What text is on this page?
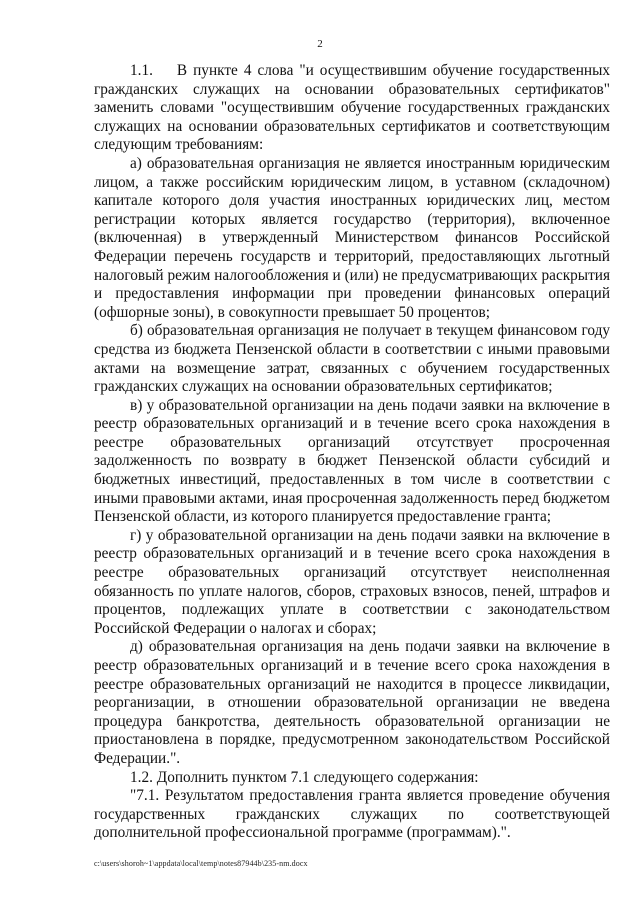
2

1.1.    В пункте 4 слова "и осуществившим обучение государственных гражданских служащих на основании образовательных сертификатов" заменить словами "осуществившим обучение государственных гражданских служащих на основании образовательных сертификатов и соответствующим следующим требованиям:

а) образовательная организация не является иностранным юридическим лицом, а также российским юридическим лицом, в уставном (складочном) капитале которого доля участия иностранных юридических лиц, местом регистрации которых является государство (территория), включенное (включенная) в утвержденный Министерством финансов Российской Федерации перечень государств и территорий, предоставляющих льготный налоговый режим налогообложения и (или) не предусматривающих раскрытия и предоставления информации при проведении финансовых операций (офшорные зоны), в совокупности превышает 50 процентов;

б) образовательная организация не получает в текущем финансовом году средства из бюджета Пензенской области в соответствии с иными правовыми актами на возмещение затрат, связанных с обучением государственных гражданских служащих на основании образовательных сертификатов;

в) у образовательной организации на день подачи заявки на включение в реестр образовательных организаций и в течение всего срока нахождения в реестре образовательных организаций отсутствует просроченная задолженность по возврату в бюджет Пензенской области субсидий и бюджетных инвестиций, предоставленных в том числе в соответствии с иными правовыми актами, иная просроченная задолженность перед бюджетом Пензенской области, из которого планируется предоставление гранта;

г) у образовательной организации на день подачи заявки на включение в реестр образовательных организаций и в течение всего срока нахождения в реестре образовательных организаций отсутствует неисполненная обязанность по уплате налогов, сборов, страховых взносов, пеней, штрафов и процентов, подлежащих уплате в соответствии с законодательством Российской Федерации о налогах и сборах;

д) образовательная организация на день подачи заявки на включение в реестр образовательных организаций и в течение всего срока нахождения в реестре образовательных организаций не находится в процессе ликвидации, реорганизации, в отношении образовательной организации не введена процедура банкротства, деятельность образовательной организации не приостановлена в порядке, предусмотренном законодательством Российской Федерации.".

1.2. Дополнить пунктом 7.1 следующего содержания:

"7.1. Результатом предоставления гранта является проведение обучения государственных гражданских служащих по соответствующей дополнительной профессиональной программе (программам).".

c:\users\shoroh~1\appdata\local\temp\notes87944b\235-nm.docx
